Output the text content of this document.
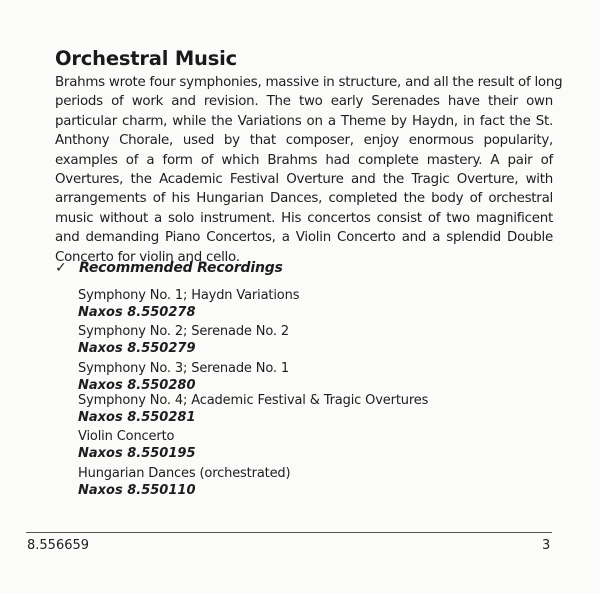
Orchestral Music
Brahms wrote four symphonies, massive in structure, and all the result of long
periods of work and revision. The two early Serenades have their own
particular charm, while the Variations on a Theme by Haydn, in fact the St.
Anthony Chorale, used by that composer, enjoy enormous popularity,
examples of a form of which Brahms had complete mastery. A pair of
Overtures, the Academic Festival Overture and the Tragic Overture, with
arrangements of his Hungarian Dances, completed the body of orchestral
music without a solo instrument. His concertos consist of two magnificent
and demanding Piano Concertos, a Violin Concerto and a splendid Double
Concerto for violin and cello.
✓ Recommended Recordings
Symphony No. 1; Haydn Variations
Naxos 8.550278
Symphony No. 2; Serenade No. 2
Naxos 8.550279
Symphony No. 3; Serenade No. 1
Naxos 8.550280
Symphony No. 4; Academic Festival & Tragic Overtures
Naxos 8.550281
Violin Concerto
Naxos 8.550195
Hungarian Dances (orchestrated)
Naxos 8.550110
8.556659	3
